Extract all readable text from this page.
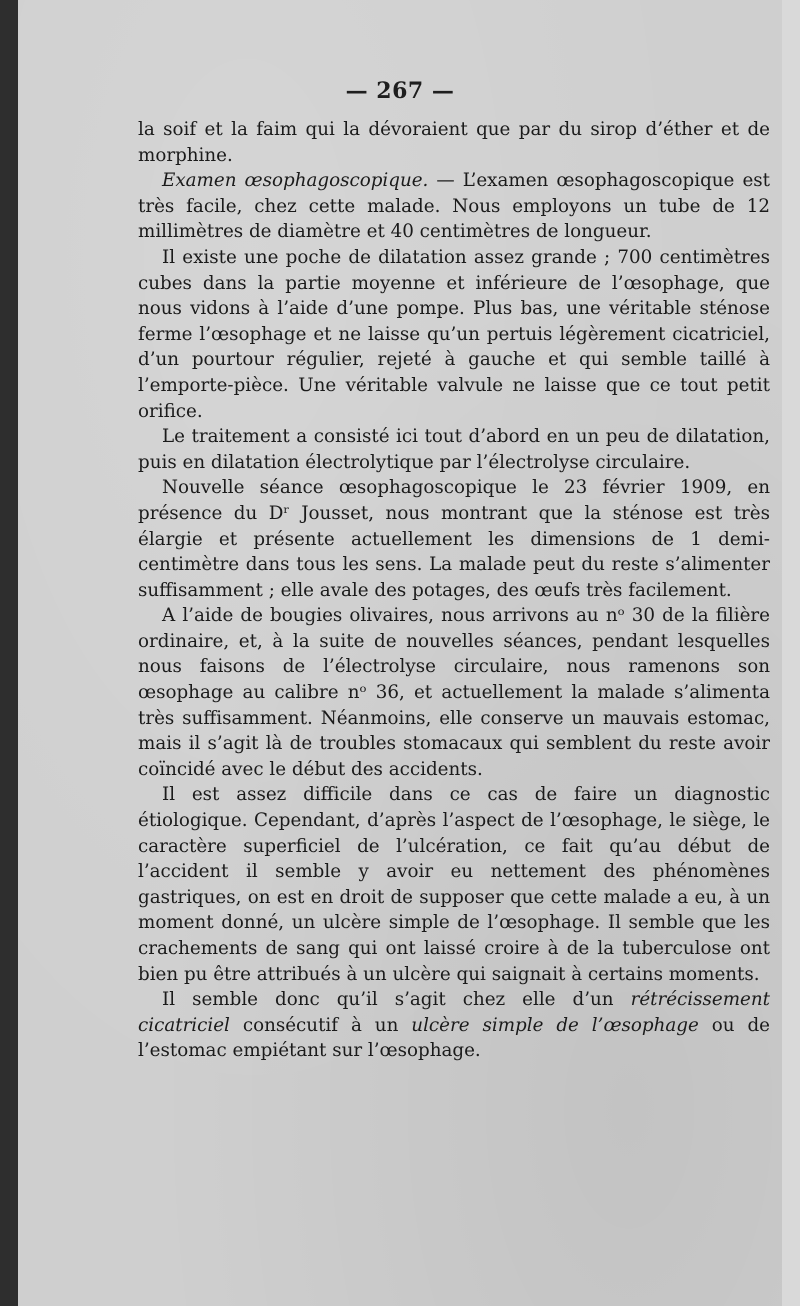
— 267 —

la soif et la faim qui la dévoraient que par du sirop d’éther et de morphine.

Examen œsophagoscopique. — L’examen œsophagoscopique est très facile, chez cette malade. Nous employons un tube de 12 millimètres de diamètre et 40 centimètres de longueur.

Il existe une poche de dilatation assez grande ; 700 centimètres cubes dans la partie moyenne et inférieure de l’œsophage, que nous vidons à l’aide d’une pompe. Plus bas, une véritable sténose ferme l’œsophage et ne laisse qu’un pertuis légèrement cicatriciel, d’un pourtour régulier, rejeté à gauche et qui semble taillé à l’emporte-pièce. Une véritable valvule ne laisse que ce tout petit orifice.

Le traitement a consisté ici tout d’abord en un peu de dilatation, puis en dilatation électrolytique par l’électrolyse circulaire.

Nouvelle séance œsophagoscopique le 23 février 1909, en présence du Dʳ Jousset, nous montrant que la sténose est très élargie et présente actuellement les dimensions de 1 demi-centimètre dans tous les sens. La malade peut du reste s’alimenter suffisamment ; elle avale des potages, des œufs très facilement.

A l’aide de bougies olivaires, nous arrivons au nᵒ 30 de la filière ordinaire, et, à la suite de nouvelles séances, pendant lesquelles nous faisons de l’électrolyse circulaire, nous ramenons son œsophage au calibre nᵒ 36, et actuellement la malade s’alimenta très suffisamment. Néanmoins, elle conserve un mauvais estomac, mais il s’agit là de troubles stomacaux qui semblent du reste avoir coïncidé avec le début des accidents.

Il est assez difficile dans ce cas de faire un diagnostic étiologique. Cependant, d’après l’aspect de l’œsophage, le siège, le caractère superficiel de l’ulcération, ce fait qu’au début de l’accident il semble y avoir eu nettement des phénomènes gastriques, on est en droit de supposer que cette malade a eu, à un moment donné, un ulcère simple de l’œsophage. Il semble que les crachements de sang qui ont laissé croire à de la tuberculose ont bien pu être attribués à un ulcère qui saignait à certains moments.

Il semble donc qu’il s’agit chez elle d’un rétrécissement cicatriciel consécutif à un ulcère simple de l’œsophage ou de l’estomac empiétant sur l’œsophage.
